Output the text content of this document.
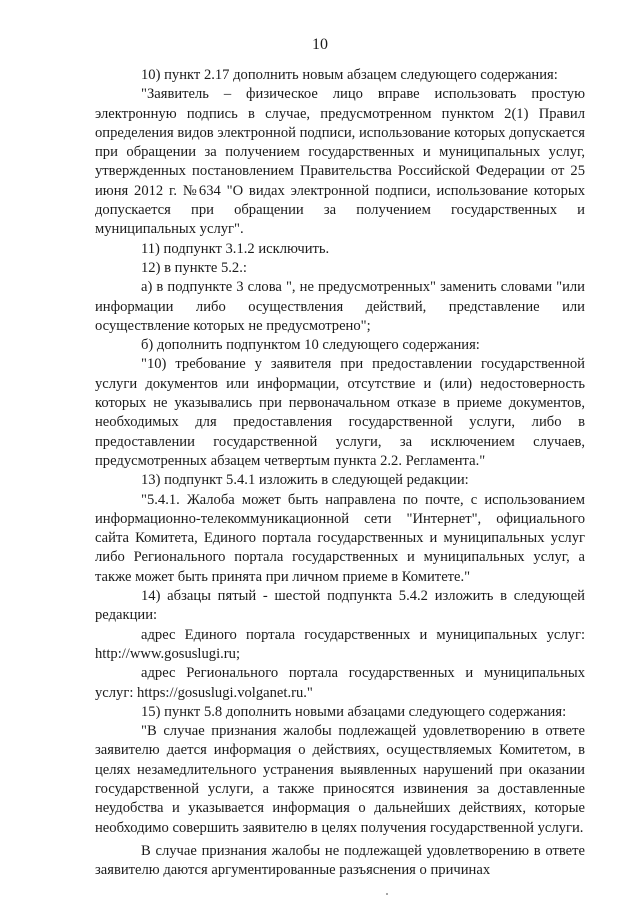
10

10) пункт 2.17 дополнить новым абзацем следующего содержания:

"Заявитель – физическое лицо вправе использовать простую электронную подпись в случае, предусмотренном пунктом 2(1) Правил определения видов электронной подписи, использование которых допускается при обращении за получением государственных и муниципальных услуг, утвержденных постановлением Правительства Российской Федерации от 25 июня 2012 г. №634 "О видах электронной подписи, использование которых допускается при обращении за получением государственных и муниципальных услуг".

11) подпункт 3.1.2 исключить.

12) в пункте 5.2.:

а) в подпункте 3 слова ", не предусмотренных" заменить словами "или информации либо осуществления действий, представление или осуществление которых не предусмотрено";

б) дополнить подпунктом 10 следующего содержания:

"10) требование у заявителя при предоставлении государственной услуги документов или информации, отсутствие и (или) недостоверность которых не указывались при первоначальном отказе в приеме документов, необходимых для предоставления государственной услуги, либо в предоставлении государственной услуги, за исключением случаев, предусмотренных абзацем четвертым пункта 2.2. Регламента."

13) подпункт 5.4.1 изложить в следующей редакции:

"5.4.1. Жалоба может быть направлена по почте, с использованием информационно-телекоммуникационной сети "Интернет", официального сайта Комитета, Единого портала государственных и муниципальных услуг либо Регионального портала государственных и муниципальных услуг, а также может быть принята при личном приеме в Комитете."

14) абзацы пятый - шестой подпункта 5.4.2 изложить в следующей редакции:

адрес Единого портала государственных и муниципальных услуг: http://www.gosuslugi.ru;

адрес Регионального портала государственных и муниципальных услуг: https://gosuslugi.volganet.ru."

15) пункт 5.8 дополнить новыми абзацами следующего содержания:

"В случае признания жалобы подлежащей удовлетворению в ответе заявителю дается информация о действиях, осуществляемых Комитетом, в целях незамедлительного устранения выявленных нарушений при оказании государственной услуги, а также приносятся извинения за доставленные неудобства и указывается информация о дальнейших действиях, которые необходимо совершить заявителю в целях получения государственной услуги.

В случае признания жалобы не подлежащей удовлетворению в ответе заявителю даются аргументированные разъяснения о причинах
